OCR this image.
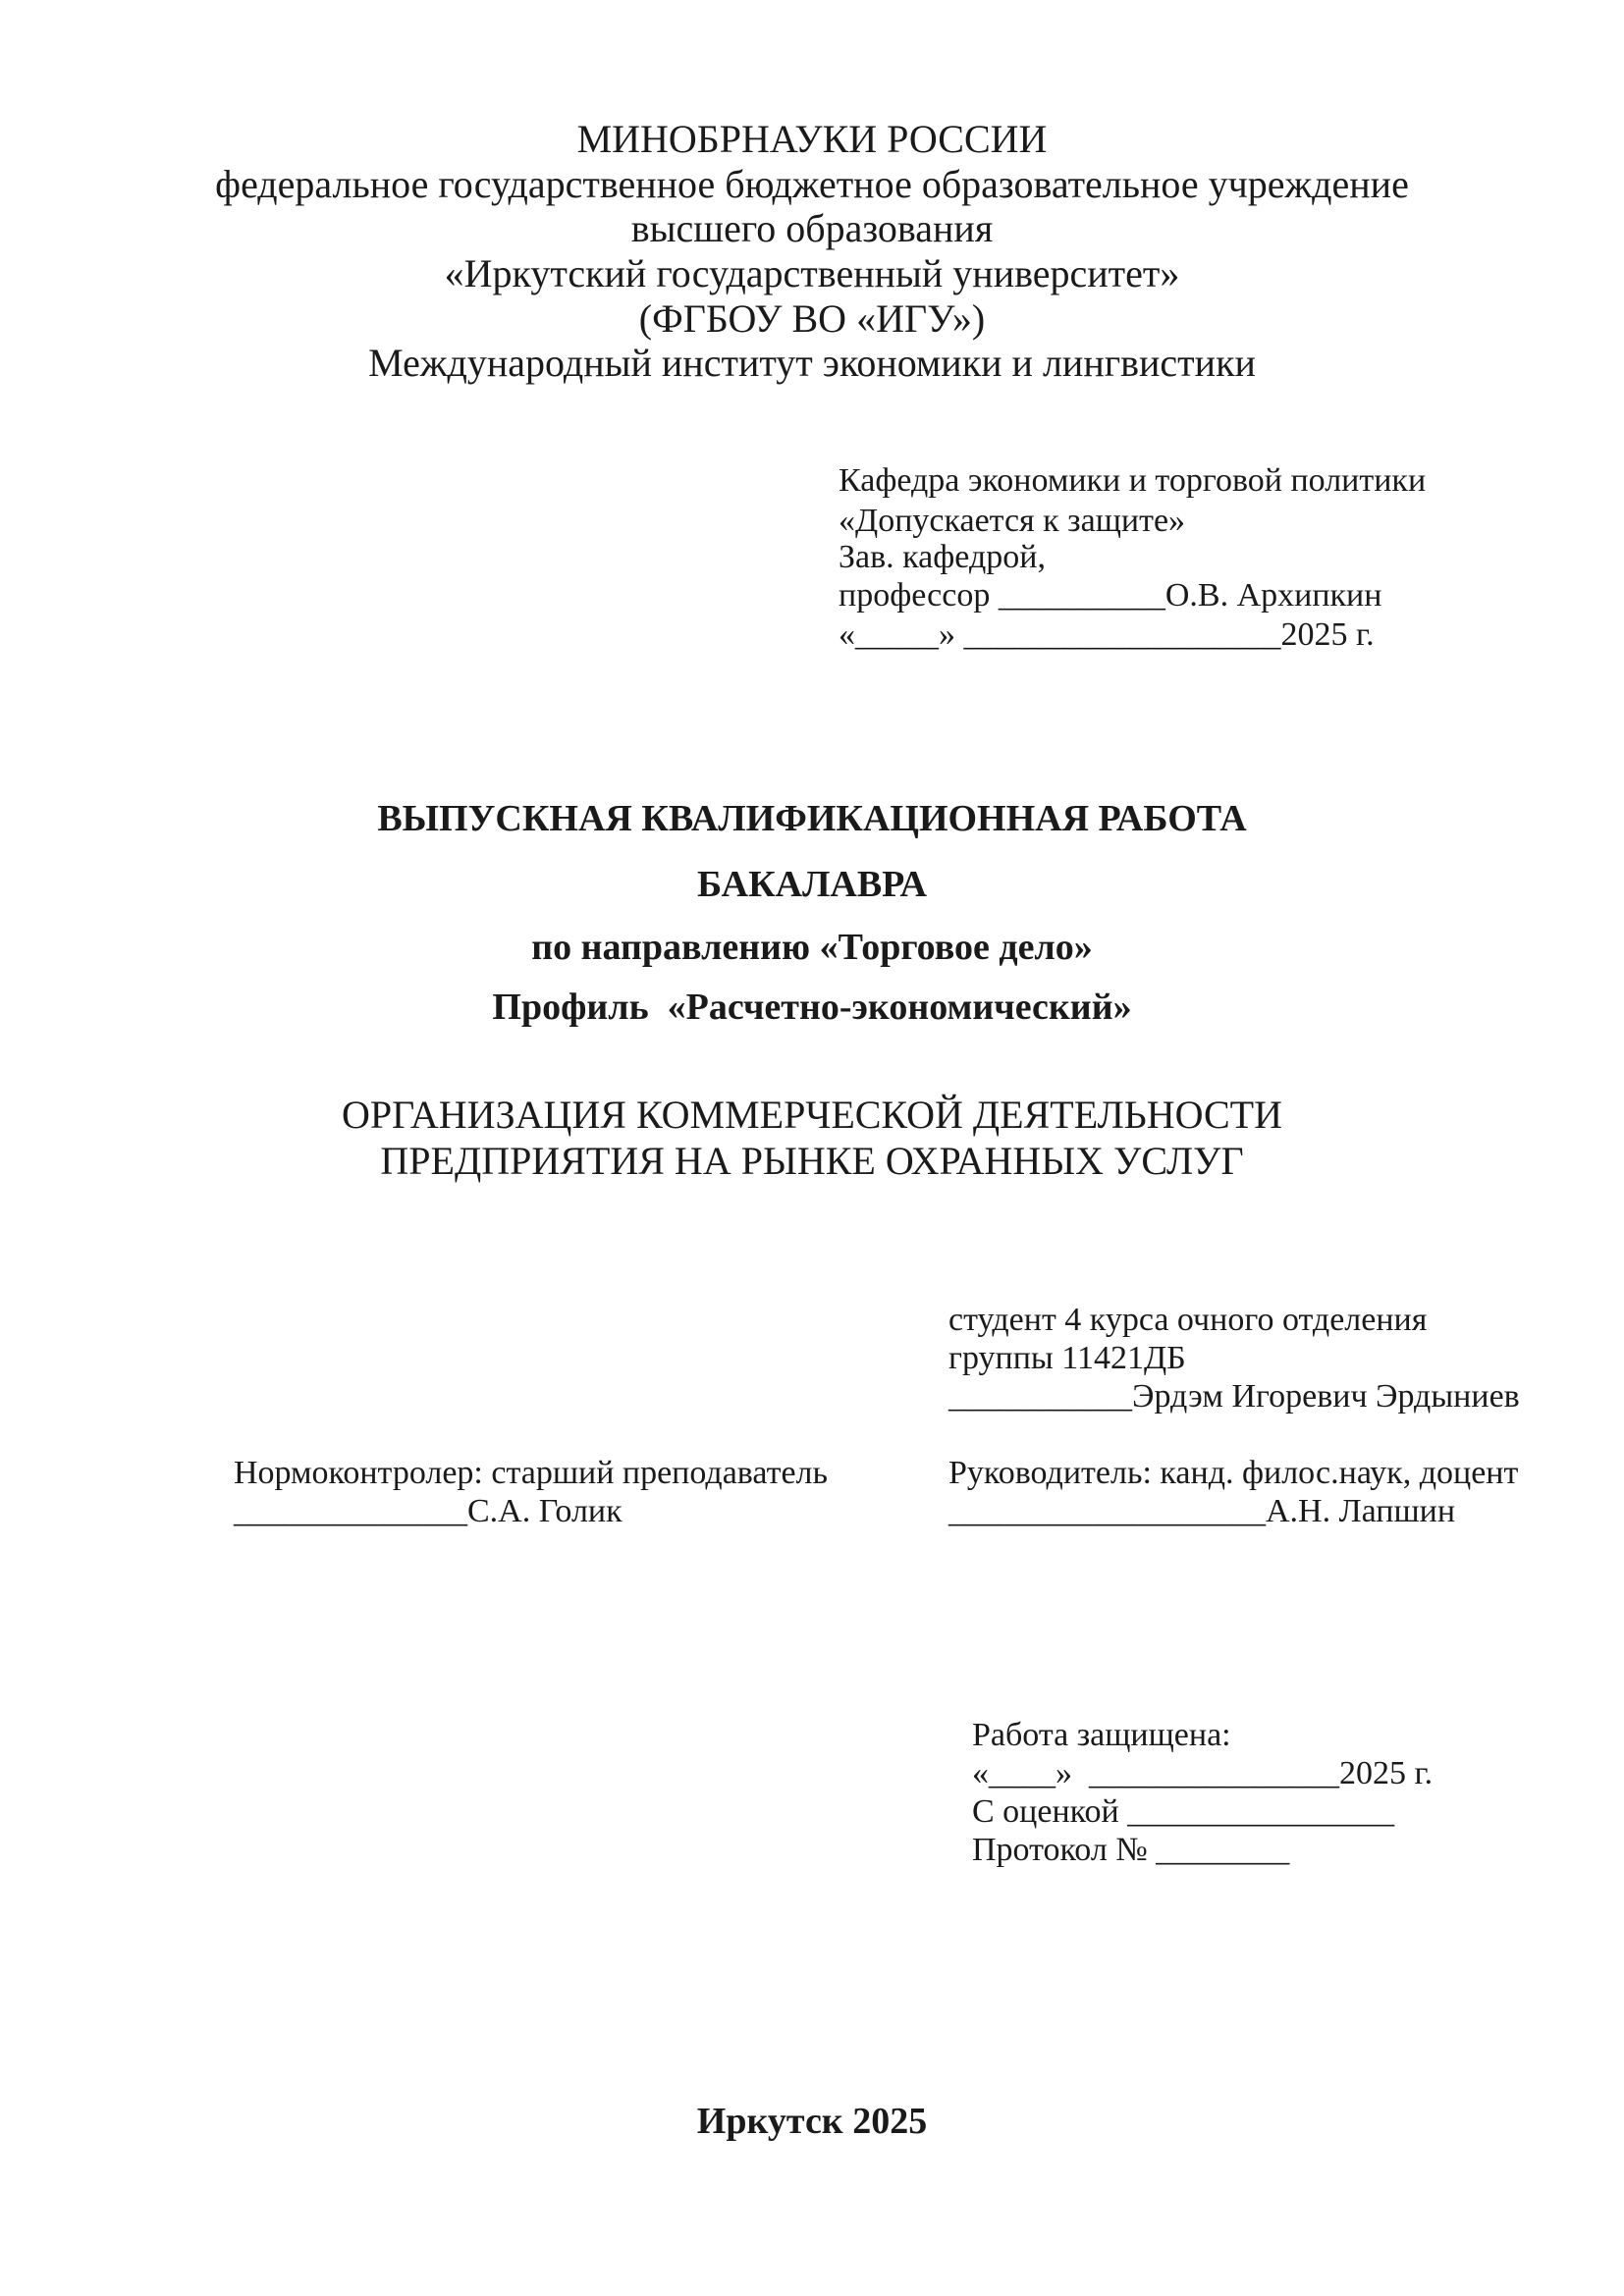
МИНОБРНАУКИ РОССИИ
федеральное государственное бюджетное образовательное учреждение
высшего образования
«Иркутский государственный университет»
(ФГБОУ ВО «ИГУ»)
Международный институт экономики и лингвистики
Кафедра экономики и торговой политики
«Допускается к защите»
Зав. кафедрой,
профессор __________О.В. Архипкин
«_____» ___________________2025 г.
ВЫПУСКНАЯ КВАЛИФИКАЦИОННАЯ РАБОТА
БАКАЛАВРА
по направлению «Торговое дело»
Профиль  «Расчетно-экономический»
ОРГАНИЗАЦИЯ КОММЕРЧЕСКОЙ ДЕЯТЕЛЬНОСТИ
ПРЕДПРИЯТИЯ НА РЫНКЕ ОХРАННЫХ УСЛУГ
студент 4 курса очного отделения
группы 11421ДБ
___________Эрдэм Игоревич Эрдыниев
Нормоконтролер: старший преподаватель
______________С.А. Голик
Руководитель: канд. филос.наук, доцент
___________________А.Н. Лапшин
Работа защищена:
«____»  _______________2025 г.
С оценкой ________________
Протокол № ________
Иркутск 2025
